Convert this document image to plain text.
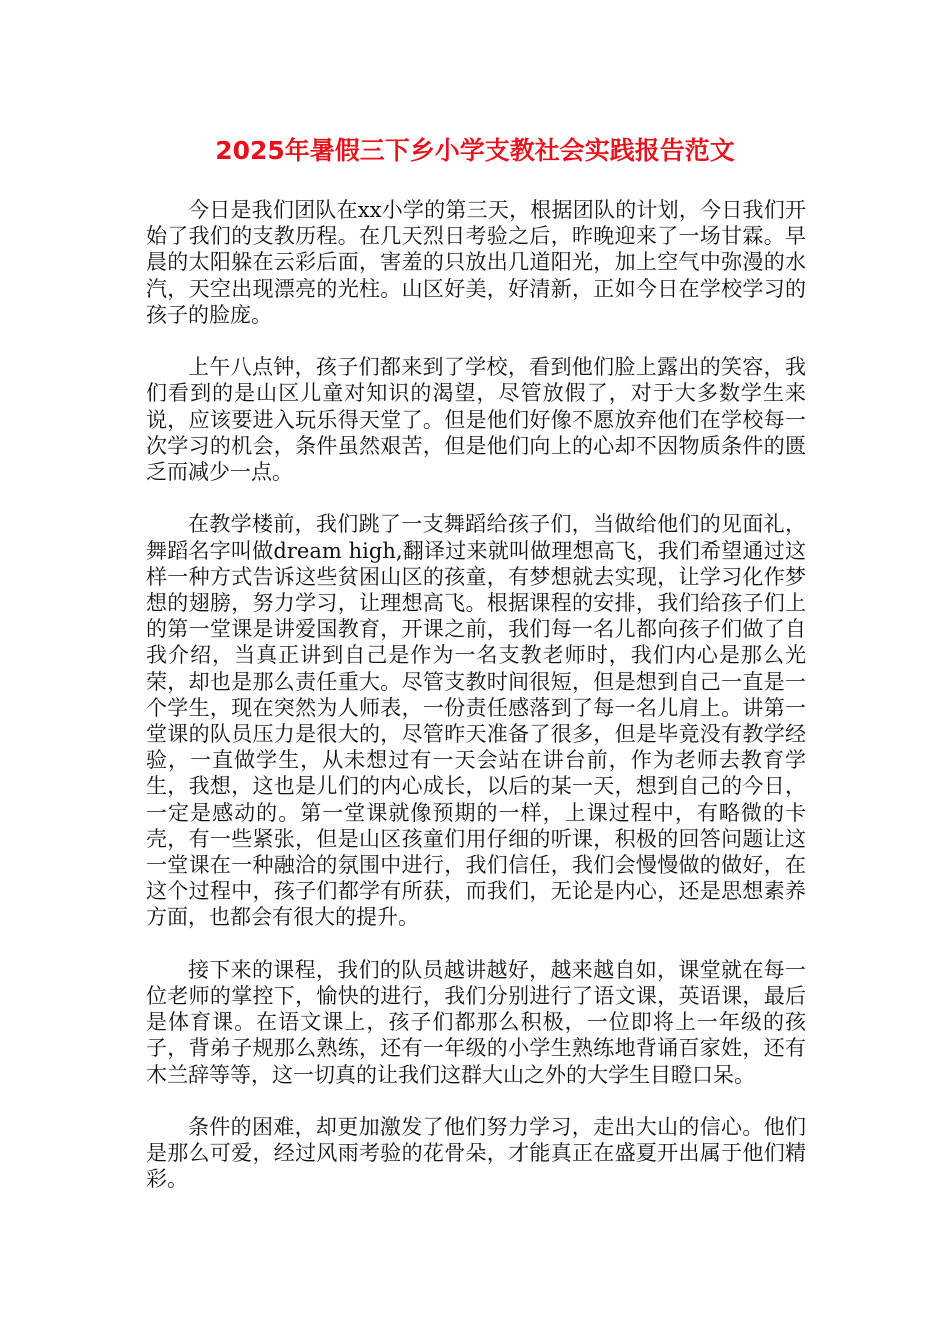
2025年暑假三下乡小学支教社会实践报告范文

今日是我们团队在xx小学的第三天，根据团队的计划，今日我们开始了我们的支教历程。在几天烈日考验之后，昨晚迎来了一场甘霖。早晨的太阳躲在云彩后面，害羞的只放出几道阳光，加上空气中弥漫的水汽，天空出现漂亮的光柱。山区好美，好清新，正如今日在学校学习的孩子的脸庞。

上午八点钟，孩子们都来到了学校，看到他们脸上露出的笑容，我们看到的是山区儿童对知识的渴望，尽管放假了，对于大多数学生来说，应该要进入玩乐得天堂了。但是他们好像不愿放弃他们在学校每一次学习的机会，条件虽然艰苦，但是他们向上的心却不因物质条件的匮乏而减少一点。

在教学楼前，我们跳了一支舞蹈给孩子们，当做给他们的见面礼，舞蹈名字叫做dream high,翻译过来就叫做理想高飞，我们希望通过这样一种方式告诉这些贫困山区的孩童，有梦想就去实现，让学习化作梦想的翅膀，努力学习，让理想高飞。根据课程的安排，我们给孩子们上的第一堂课是讲爱国教育，开课之前，我们每一名儿都向孩子们做了自我介绍，当真正讲到自己是作为一名支教老师时，我们内心是那么光荣，却也是那么责任重大。尽管支教时间很短，但是想到自己一直是一个学生，现在突然为人师表，一份责任感落到了每一名儿肩上。讲第一堂课的队员压力是很大的，尽管昨天准备了很多，但是毕竟没有教学经验，一直做学生，从未想过有一天会站在讲台前，作为老师去教育学生，我想，这也是儿们的内心成长，以后的某一天，想到自己的今日，一定是感动的。第一堂课就像预期的一样，上课过程中，有略微的卡壳，有一些紧张，但是山区孩童们用仔细的听课，积极的回答问题让这一堂课在一种融洽的氛围中进行，我们信任，我们会慢慢做的做好，在这个过程中，孩子们都学有所获，而我们，无论是内心，还是思想素养方面，也都会有很大的提升。

接下来的课程，我们的队员越讲越好，越来越自如，课堂就在每一位老师的掌控下，愉快的进行，我们分别进行了语文课，英语课，最后是体育课。在语文课上，孩子们都那么积极，一位即将上一年级的孩子，背弟子规那么熟练，还有一年级的小学生熟练地背诵百家姓，还有木兰辞等等，这一切真的让我们这群大山之外的大学生目瞪口呆。

条件的困难，却更加激发了他们努力学习，走出大山的信心。他们是那么可爱，经过风雨考验的花骨朵，才能真正在盛夏开出属于他们精彩。
